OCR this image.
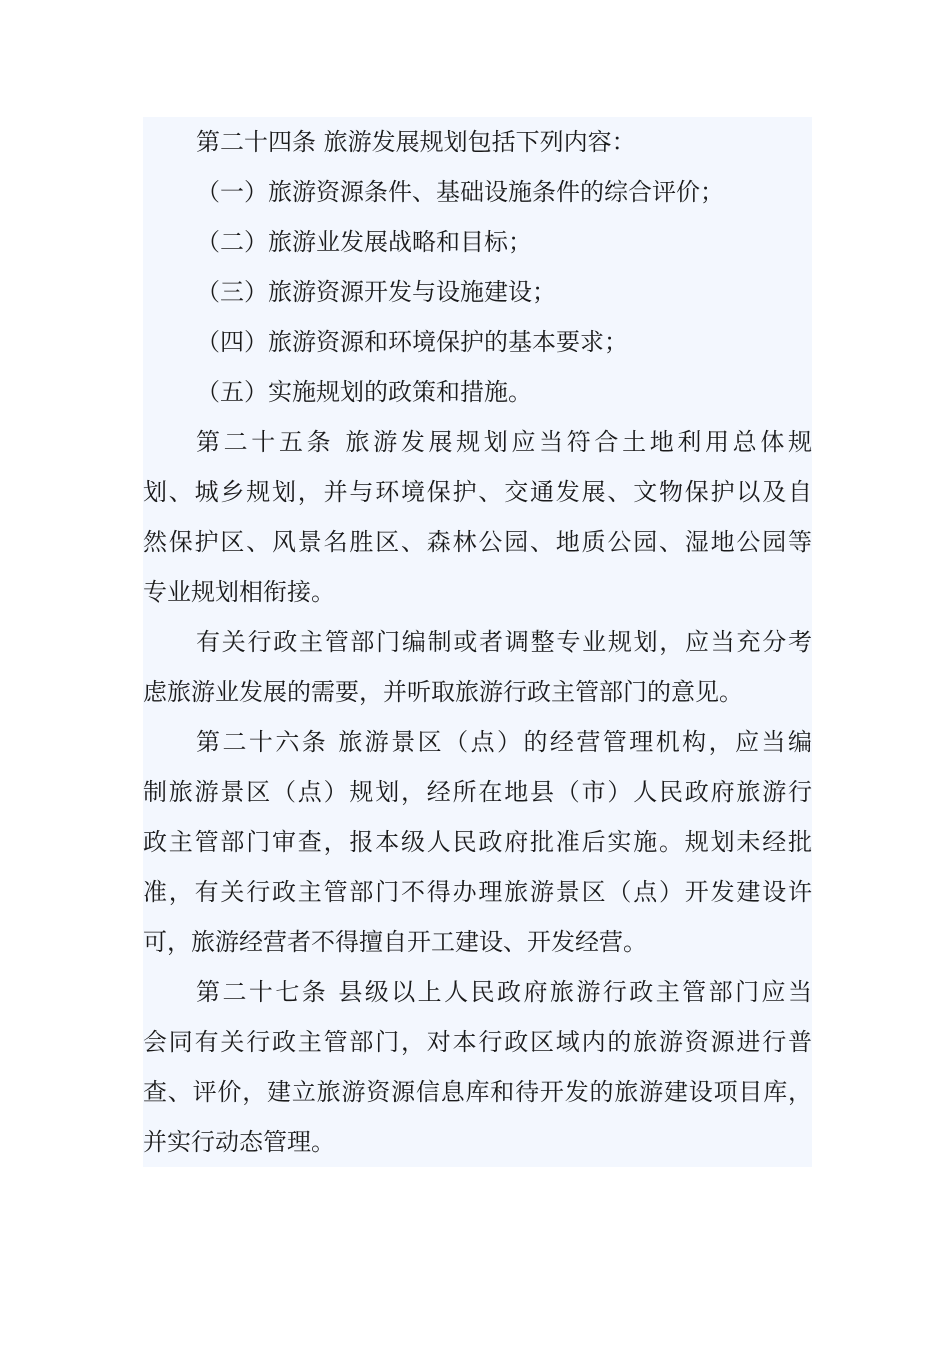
第二十四条 旅游发展规划包括下列内容：
（一）旅游资源条件、基础设施条件的综合评价；
（二）旅游业发展战略和目标；
（三）旅游资源开发与设施建设；
（四）旅游资源和环境保护的基本要求；
（五）实施规划的政策和措施。
第二十五条 旅游发展规划应当符合土地利用总体规
划、城乡规划，并与环境保护、交通发展、文物保护以及自
然保护区、风景名胜区、森林公园、地质公园、湿地公园等
专业规划相衔接。
有关行政主管部门编制或者调整专业规划，应当充分考
虑旅游业发展的需要，并听取旅游行政主管部门的意见。
第二十六条 旅游景区（点）的经营管理机构，应当编
制旅游景区（点）规划，经所在地县（市）人民政府旅游行
政主管部门审查，报本级人民政府批准后实施。规划未经批
准，有关行政主管部门不得办理旅游景区（点）开发建设许
可，旅游经营者不得擅自开工建设、开发经营。
第二十七条 县级以上人民政府旅游行政主管部门应当
会同有关行政主管部门，对本行政区域内的旅游资源进行普
查、评价，建立旅游资源信息库和待开发的旅游建设项目库，
并实行动态管理。
